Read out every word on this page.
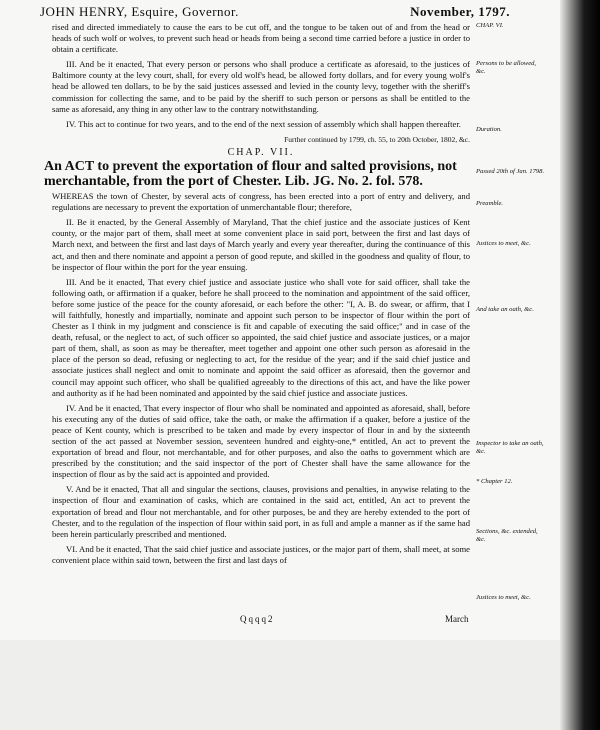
JOHN HENRY, Esquire, Governor.	November, 1797.

rised and directed immediately to cause the ears to be cut off, and the tongue to be taken out of and from the head or heads of such wolf or wolves, to prevent such head or heads from being a second time carried before a justice in order to obtain a certificate.

III. And be it enacted, That every person or persons who shall produce a certificate as aforesaid, to the justices of Baltimore county at the levy court, shall, for every old wolf's head, be allowed forty dollars, and for every young wolf's head be allowed ten dollars, to be by the said justices assessed and levied in the county levy, together with the sheriff's commission for collecting the same, and to be paid by the sheriff to such person or persons as shall be entitled to the same as aforesaid, any thing in any other law to the contrary notwithstanding.

IV. This act to continue for two years, and to the end of the next session of assembly which shall happen thereafter.

Further continued by 1799, ch. 55, to 20th October, 1802, &c.

CHAP. VII.

An ACT to prevent the exportation of flour and salted provisions, not merchantable, from the port of Chester. Lib. JG. No. 2. fol. 578.

WHEREAS the town of Chester, by several acts of congress, has been erected into a port of entry and delivery, and regulations are necessary to prevent the exportation of unmerchantable flour; therefore,

II. Be it enacted, by the General Assembly of Maryland, That the chief justice and the associate justices of Kent county, or the major part of them, shall meet at some convenient place in said port, between the first and last days of March next, and between the first and last days of March yearly and every year thereafter, during the continuance of this act, and then and there nominate and appoint a person of good repute, and skilled in the goodness and quality of flour, to be inspector of flour within the port for the year ensuing.

III. And be it enacted, That every chief justice and associate justice who shall vote for said officer, shall take the following oath, or affirmation if a quaker, before he shall proceed to the nomination and appointment of the said officer, before some justice of the peace for the county aforesaid, or each before the other: "I, A. B. do swear, or affirm, that I will faithfully, honestly and impartially, nominate and appoint such person to be inspector of flour within the port of Chester as I think in my judgment and conscience is fit and capable of executing the said office;" and in case of the death, refusal, or the neglect to act, of such officer so appointed, the said chief justice and associate justices, or a major part of them, shall, as soon as may be thereafter, meet together and appoint one other such person as aforesaid in the place of the person so dead, refusing or neglecting to act, for the residue of the year; and if the said chief justice and associate justices shall neglect and omit to nominate and appoint the said officer as aforesaid, then the governor and council may appoint such officer, who shall be qualified agreeably to the directions of this act, and have the like power and authority as if he had been nominated and appointed by the said chief justice and associate justices.

IV. And be it enacted, That every inspector of flour who shall be nominated and appointed as aforesaid, shall, before his executing any of the duties of said office, take the oath, or make the affirmation if a quaker, before a justice of the peace of Kent county, which is prescribed to be taken and made by every inspector of flour in and by the sixteenth section of the act passed at November session, seventeen hundred and eighty-one,* entitled, An act to prevent the exportation of bread and flour, not merchantable, and for other purposes, and also the oaths to government which are prescribed by the constitution; and the said inspector of the port of Chester shall have the same allowance for the inspection of flour as by the said act is appointed and provided.

V. And be it enacted, That all and singular the sections, clauses, provisions and penalties, in anywise relating to the inspection of flour and examination of casks, which are contained in the said act, entitled, An act to prevent the exportation of bread and flour not merchantable, and for other purposes, be and they are hereby extended to the port of Chester, and to the regulation of the inspection of flour within said port, in as full and ample a manner as if the same had been herein particularly prescribed and mentioned.

VI. And be it enacted, That the said chief justice and associate justices, or the major part of them, shall meet, at some convenient place within said town, between the first and last days of

CHAP. VI.
Persons to be allowed, &c.
Duration.
Passed 20th of Jan. 1798.
Preamble.
Justices to meet, &c.
And take an oath, &c.
Inspector to take an oath, &c.
* Chapter 12.
Sections, &c. extended, &c.
Justices to meet, &c.
Qqqq2	March
